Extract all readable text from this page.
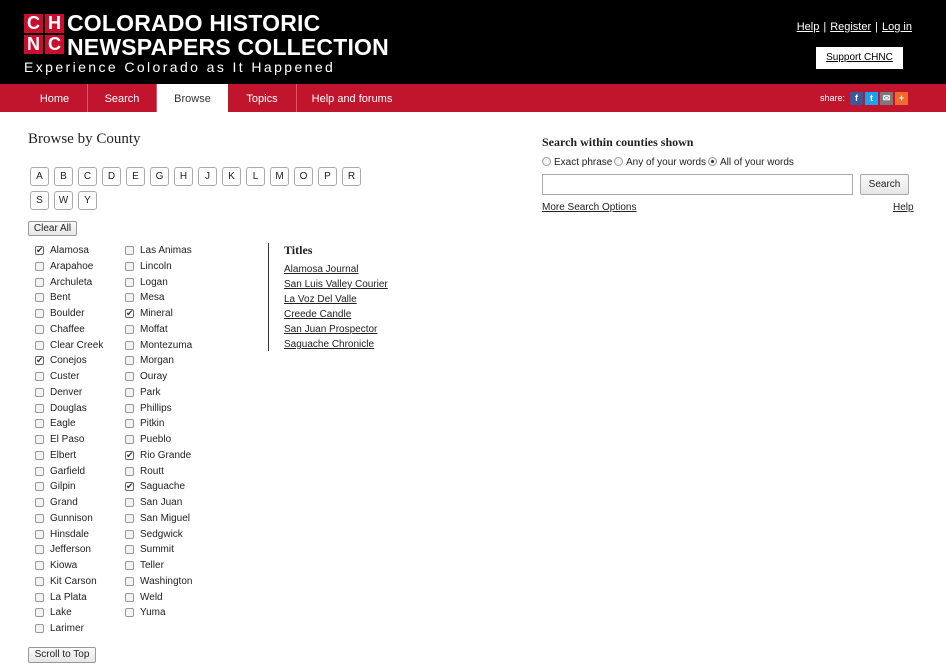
C H
N C
COLORADO HISTORIC
NEWSPAPERS COLLECTION
Experience Colorado as It Happened
Help | Register | Log in
Support CHNC
Home	Search	Browse	Topics	Help and forums	share:	f	t	✉ +
Browse by County
A	B	C	D	E	G	H	J	K	L	M	O	P	R
S	W	Y
Clear All
✔
Alamosa
Arapahoe
Archuleta
Bent
Boulder
Chaffee
Clear Creek
✔
Conejos
Custer
Denver
Douglas
Eagle
El Paso
Elbert
Garfield
Gilpin
Grand
Gunnison
Hinsdale
Jefferson
Kiowa
Kit Carson
La Plata
Lake
Larimer
Las Animas
Lincoln
Logan
Mesa
✔
Mineral
Moffat
Montezuma
Morgan
Ouray
Park
Phillips
Pitkin
Pueblo
✔
Rio Grande
Routt
✔
Saguache
San Juan
San Miguel
Sedgwick
Summit
Teller
Washington
Weld
Yuma
Scroll to Top
Titles
Alamosa Journal
San Luis Valley Courier
La Voz Del Valle
Creede Candle
San Juan Prospector
Saguache Chronicle
Search within counties shown
Exact phrase Any of your words All of your words
Search
More Search Options	Help
